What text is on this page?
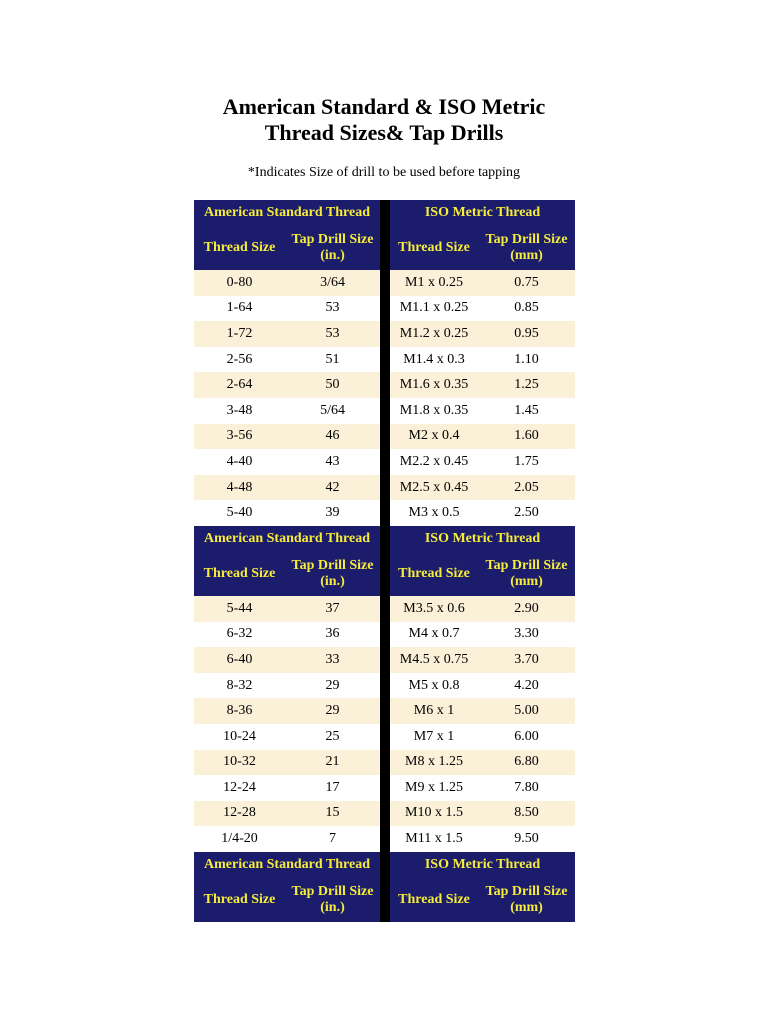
American Standard & ISO Metric
Thread Sizes& Tap Drills
*Indicates Size of drill to be used before tapping
American Standard Thread			ISO Metric Thread	
Thread Size	Tap Drill Size (in.)		Thread Size	Tap Drill Size (mm)
0-80	3/64		M1 x 0.25	0.75
1-64	53		M1.1 x 0.25	0.85
1-72	53		M1.2 x 0.25	0.95
2-56	51		M1.4 x 0.3	1.10
2-64	50		M1.6 x 0.35	1.25
3-48	5/64		M1.8 x 0.35	1.45
3-56	46		M2 x 0.4	1.60
4-40	43		M2.2 x 0.45	1.75
4-48	42		M2.5 x 0.45	2.05
5-40	39		M3 x 0.5	2.50
American Standard Thread			ISO Metric Thread	
Thread Size	Tap Drill Size (in.)		Thread Size	Tap Drill Size (mm)
5-44	37		M3.5 x 0.6	2.90
6-32	36		M4 x 0.7	3.30
6-40	33		M4.5 x 0.75	3.70
8-32	29		M5 x 0.8	4.20
8-36	29		M6 x 1	5.00
10-24	25		M7 x 1	6.00
10-32	21		M8 x 1.25	6.80
12-24	17		M9 x 1.25	7.80
12-28	15		M10 x 1.5	8.50
1/4-20	7		M11 x 1.5	9.50
American Standard Thread			ISO Metric Thread	
Thread Size	Tap Drill Size (in.)		Thread Size	Tap Drill Size (mm)
